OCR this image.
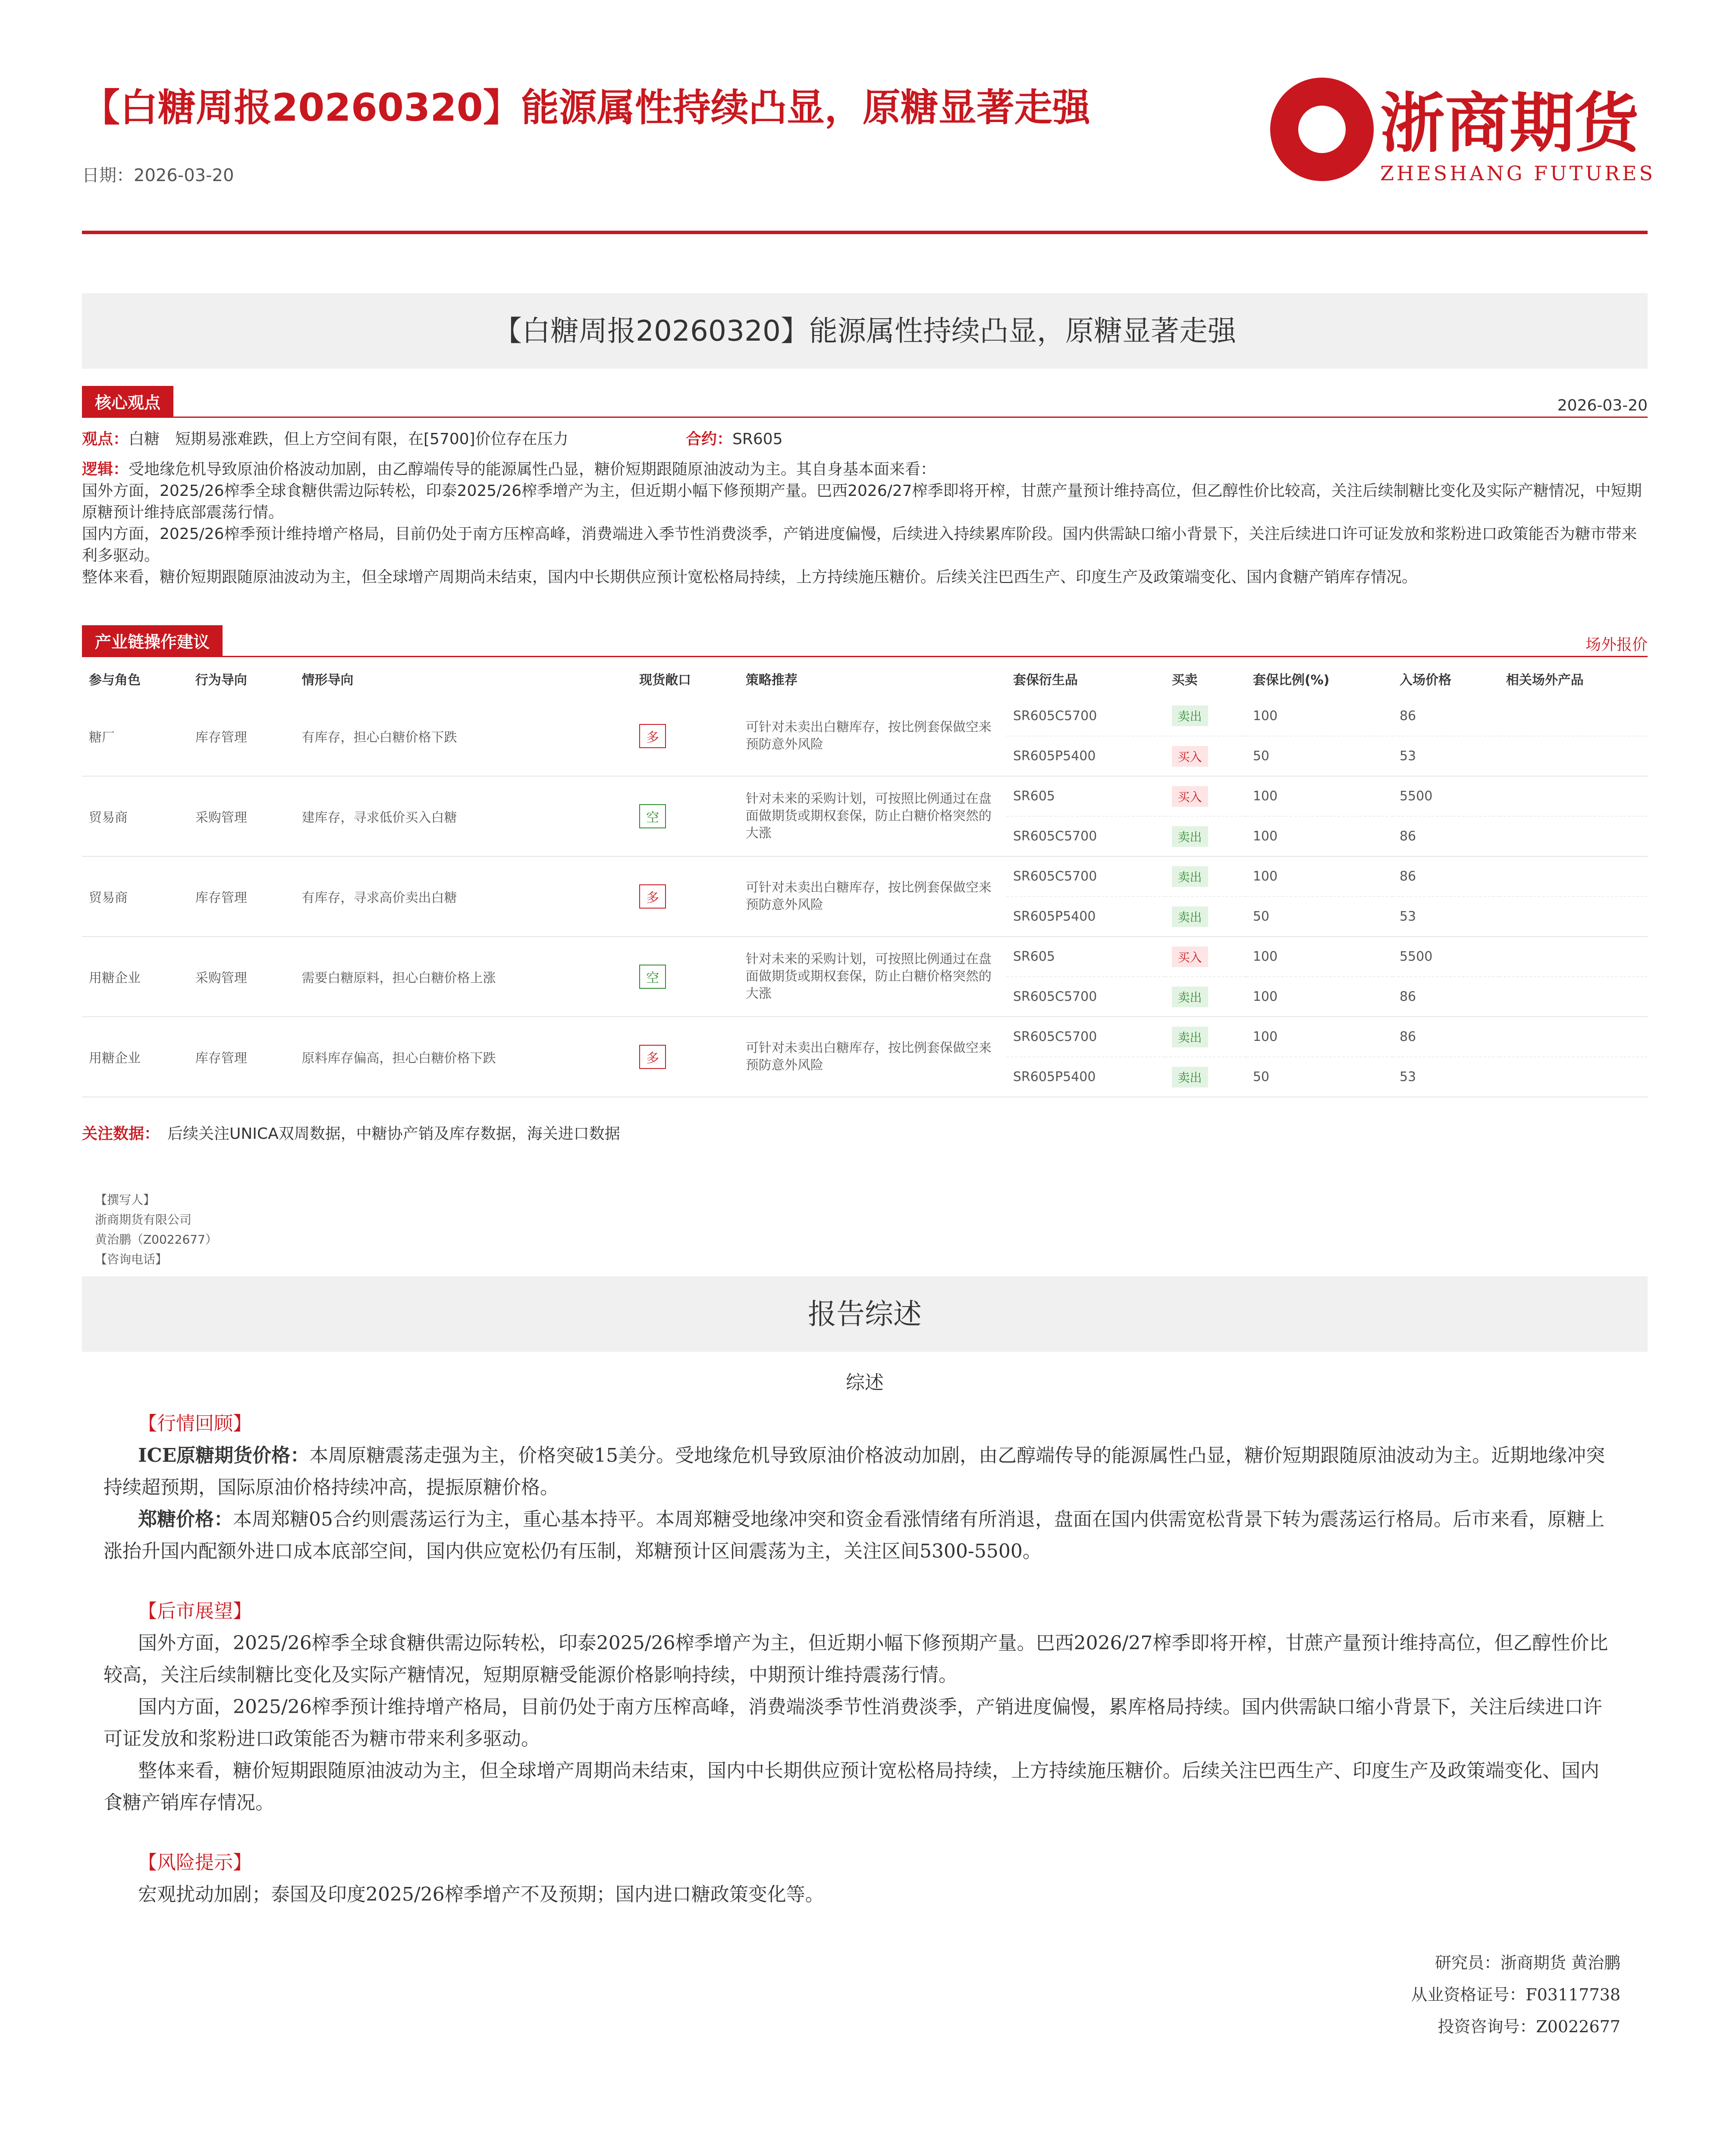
【白糖周报20260320】能源属性持续凸显，原糖显著走强
日期：2026-03-20
浙商期货
ZHESHANG FUTURES
【白糖周报20260320】能源属性持续凸显，原糖显著走强
核心观点	2026-03-20
观点：白糖　短期易涨难跌，但上方空间有限，在[5700]价位存在压力	合约：SR605
逻辑：受地缘危机导致原油价格波动加剧，由乙醇端传导的能源属性凸显，糖价短期跟随原油波动为主。其自身基本面来看：
国外方面，2025/26榨季全球食糖供需边际转松，印泰2025/26榨季增产为主，但近期小幅下修预期产量。巴西2026/27榨季即将开榨，甘蔗产量预计维持高位，但乙醇性价比较高，关注后续制糖比变化及实际产糖情况，中短期原糖预计维持底部震荡行情。
国内方面，2025/26榨季预计维持增产格局，目前仍处于南方压榨高峰，消费端进入季节性消费淡季，产销进度偏慢，后续进入持续累库阶段。国内供需缺口缩小背景下，关注后续进口许可证发放和浆粉进口政策能否为糖市带来利多驱动。
整体来看，糖价短期跟随原油波动为主，但全球增产周期尚未结束，国内中长期供应预计宽松格局持续，上方持续施压糖价。后续关注巴西生产、印度生产及政策端变化、国内食糖产销库存情况。
产业链操作建议	场外报价
参与角色	行为导向	情形导向	现货敞口	策略推荐	套保衍生品	买卖	套保比例(%)	入场价格	相关场外产品
糖厂	库存管理	有库存，担心白糖价格下跌	多	可针对未卖出白糖库存，按比例套保做空来预防意外风险	SR605C5700	卖出	100	86	
					SR605P5400	买入	50	53	
贸易商	采购管理	建库存，寻求低价买入白糖	空	针对未来的采购计划，可按照比例通过在盘面做期货或期权套保，防止白糖价格突然的大涨	SR605	买入	100	5500	
					SR605C5700	卖出	100	86	
贸易商	库存管理	有库存，寻求高价卖出白糖	多	可针对未卖出白糖库存，按比例套保做空来预防意外风险	SR605C5700	卖出	100	86	
					SR605P5400	卖出	50	53	
用糖企业	采购管理	需要白糖原料，担心白糖价格上涨	空	针对未来的采购计划，可按照比例通过在盘面做期货或期权套保，防止白糖价格突然的大涨	SR605	买入	100	5500	
					SR605C5700	卖出	100	86	
用糖企业	库存管理	原料库存偏高，担心白糖价格下跌	多	可针对未卖出白糖库存，按比例套保做空来预防意外风险	SR605C5700	卖出	100	86	
					SR605P5400	卖出	50	53	
关注数据：　 后续关注UNICA双周数据，中糖协产销及库存数据，海关进口数据
【撰写人】
浙商期货有限公司
黄治鹏（Z0022677）
【咨询电话】
报告综述
综述
【行情回顾】
ICE原糖期货价格：本周原糖震荡走强为主，价格突破15美分。受地缘危机导致原油价格波动加剧，由乙醇端传导的能源属性凸显，糖价短期跟随原油波动为主。近期地缘冲突持续超预期，国际原油价格持续冲高，提振原糖价格。
郑糖价格：本周郑糖05合约则震荡运行为主，重心基本持平。本周郑糖受地缘冲突和资金看涨情绪有所消退，盘面在国内供需宽松背景下转为震荡运行格局。后市来看，原糖上涨抬升国内配额外进口成本底部空间，国内供应宽松仍有压制，郑糖预计区间震荡为主，关注区间5300-5500。
【后市展望】
国外方面，2025/26榨季全球食糖供需边际转松，印泰2025/26榨季增产为主，但近期小幅下修预期产量。巴西2026/27榨季即将开榨，甘蔗产量预计维持高位，但乙醇性价比较高，关注后续制糖比变化及实际产糖情况，短期原糖受能源价格影响持续，中期预计维持震荡行情。
国内方面，2025/26榨季预计维持增产格局，目前仍处于南方压榨高峰，消费端淡季节性消费淡季，产销进度偏慢，累库格局持续。国内供需缺口缩小背景下，关注后续进口许可证发放和浆粉进口政策能否为糖市带来利多驱动。
整体来看，糖价短期跟随原油波动为主，但全球增产周期尚未结束，国内中长期供应预计宽松格局持续，上方持续施压糖价。后续关注巴西生产、印度生产及政策端变化、国内食糖产销库存情况。
【风险提示】
宏观扰动加剧；泰国及印度2025/26榨季增产不及预期；国内进口糖政策变化等。
研究员：浙商期货 黄治鹏
从业资格证号：F03117738
投资咨询号：Z0022677
